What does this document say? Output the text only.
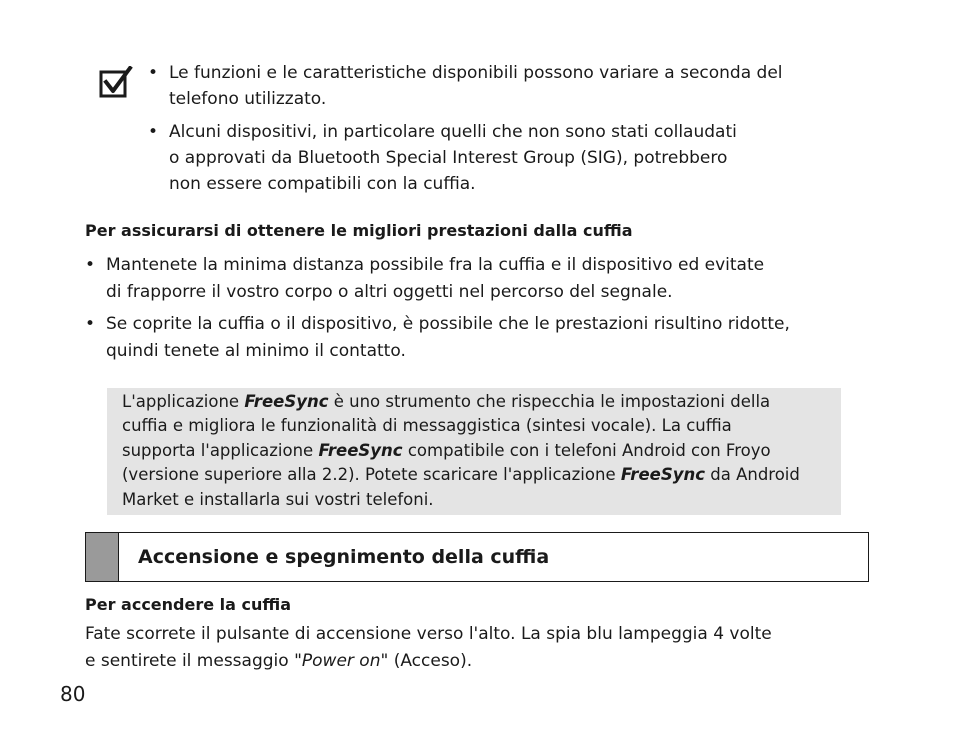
• Le funzioni e le caratteristiche disponibili possono variare a seconda del
telefono utilizzato.
• Alcuni dispositivi, in particolare quelli che non sono stati collaudati
o approvati da Bluetooth Special Interest Group (SIG), potrebbero
non essere compatibili con la cuffia.
Per assicurarsi di ottenere le migliori prestazioni dalla cuffia
• Mantenete la minima distanza possibile fra la cuffia e il dispositivo ed evitate
di frapporre il vostro corpo o altri oggetti nel percorso del segnale.
• Se coprite la cuffia o il dispositivo, è possibile che le prestazioni risultino ridotte,
quindi tenete al minimo il contatto.
L'applicazione FreeSync è uno strumento che rispecchia le impostazioni della
cuffia e migliora le funzionalità di messaggistica (sintesi vocale). La cuffia
supporta l'applicazione FreeSync compatibile con i telefoni Android con Froyo
(versione superiore alla 2.2). Potete scaricare l'applicazione FreeSync da Android
Market e installarla sui vostri telefoni.
Accensione e spegnimento della cuffia
Per accendere la cuffia

Fate scorrete il pulsante di accensione verso l'alto. La spia blu lampeggia 4 volte
e sentirete il messaggio "Power on" (Acceso).

80
